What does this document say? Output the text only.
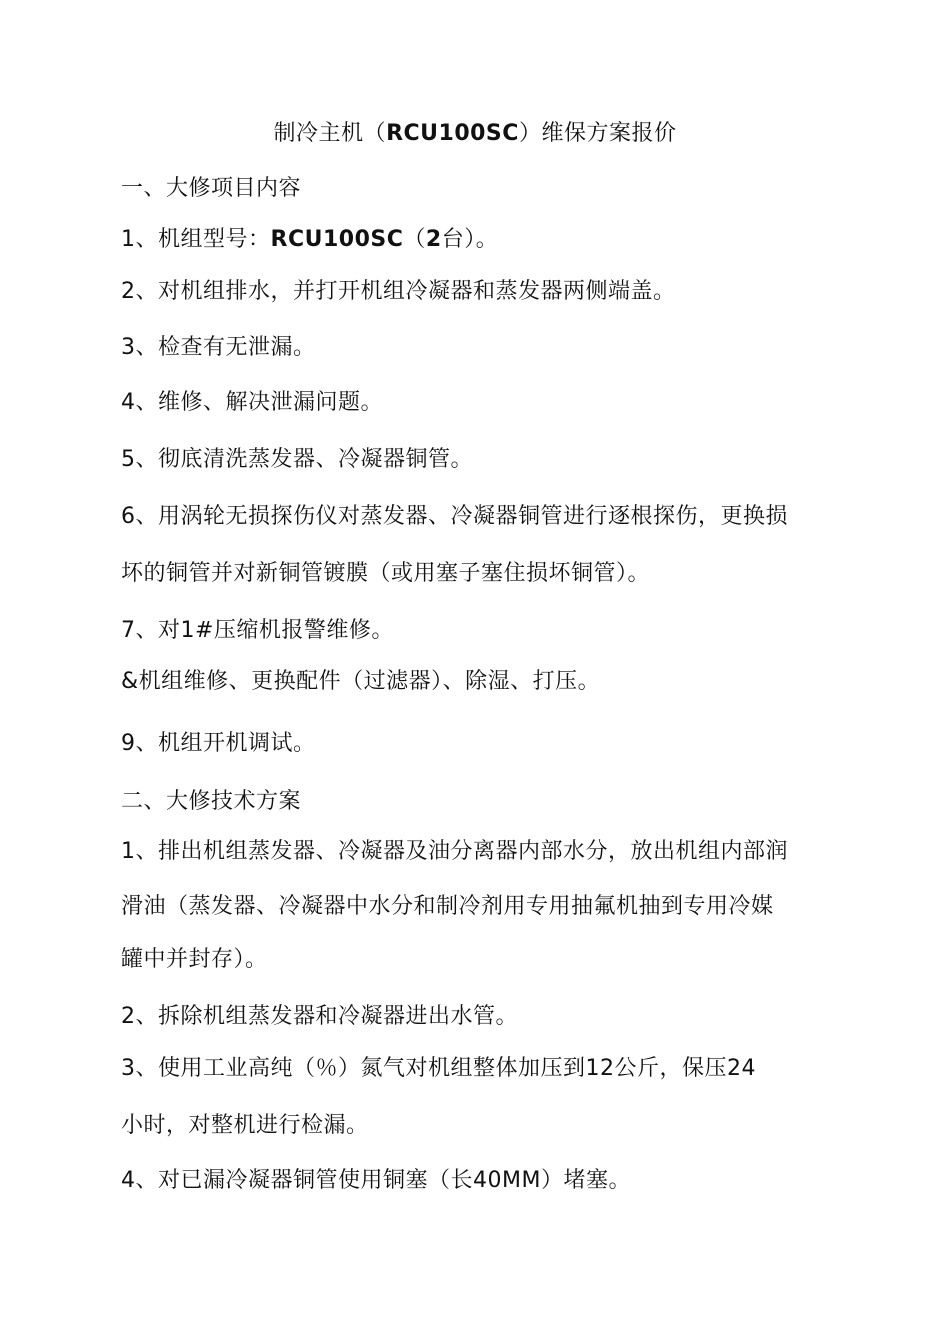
制冷主机（RCU100SC）维保方案报价
一、大修项目内容
1、机组型号：RCU100SC（2台）。
2、对机组排水，并打开机组冷凝器和蒸发器两侧端盖。
3、检查有无泄漏。
4、维修、解决泄漏问题。
5、彻底清洗蒸发器、冷凝器铜管。
6、用涡轮无损探伤仪对蒸发器、冷凝器铜管进行逐根探伤，更换损
坏的铜管并对新铜管镀膜（或用塞子塞住损坏铜管）。
7、对1#压缩机报警维修。
&机组维修、更换配件（过滤器）、除湿、打压。
9、机组开机调试。
二、大修技术方案
1、排出机组蒸发器、冷凝器及油分离器内部水分，放出机组内部润
滑油（蒸发器、冷凝器中水分和制冷剂用专用抽氟机抽到专用冷媒
罐中并封存）。
2、拆除机组蒸发器和冷凝器进出水管。
3、使用工业高纯（％）氮气对机组整体加压到12公斤，保压24
小时，对整机进行检漏。
4、对已漏冷凝器铜管使用铜塞（长40MM）堵塞。
